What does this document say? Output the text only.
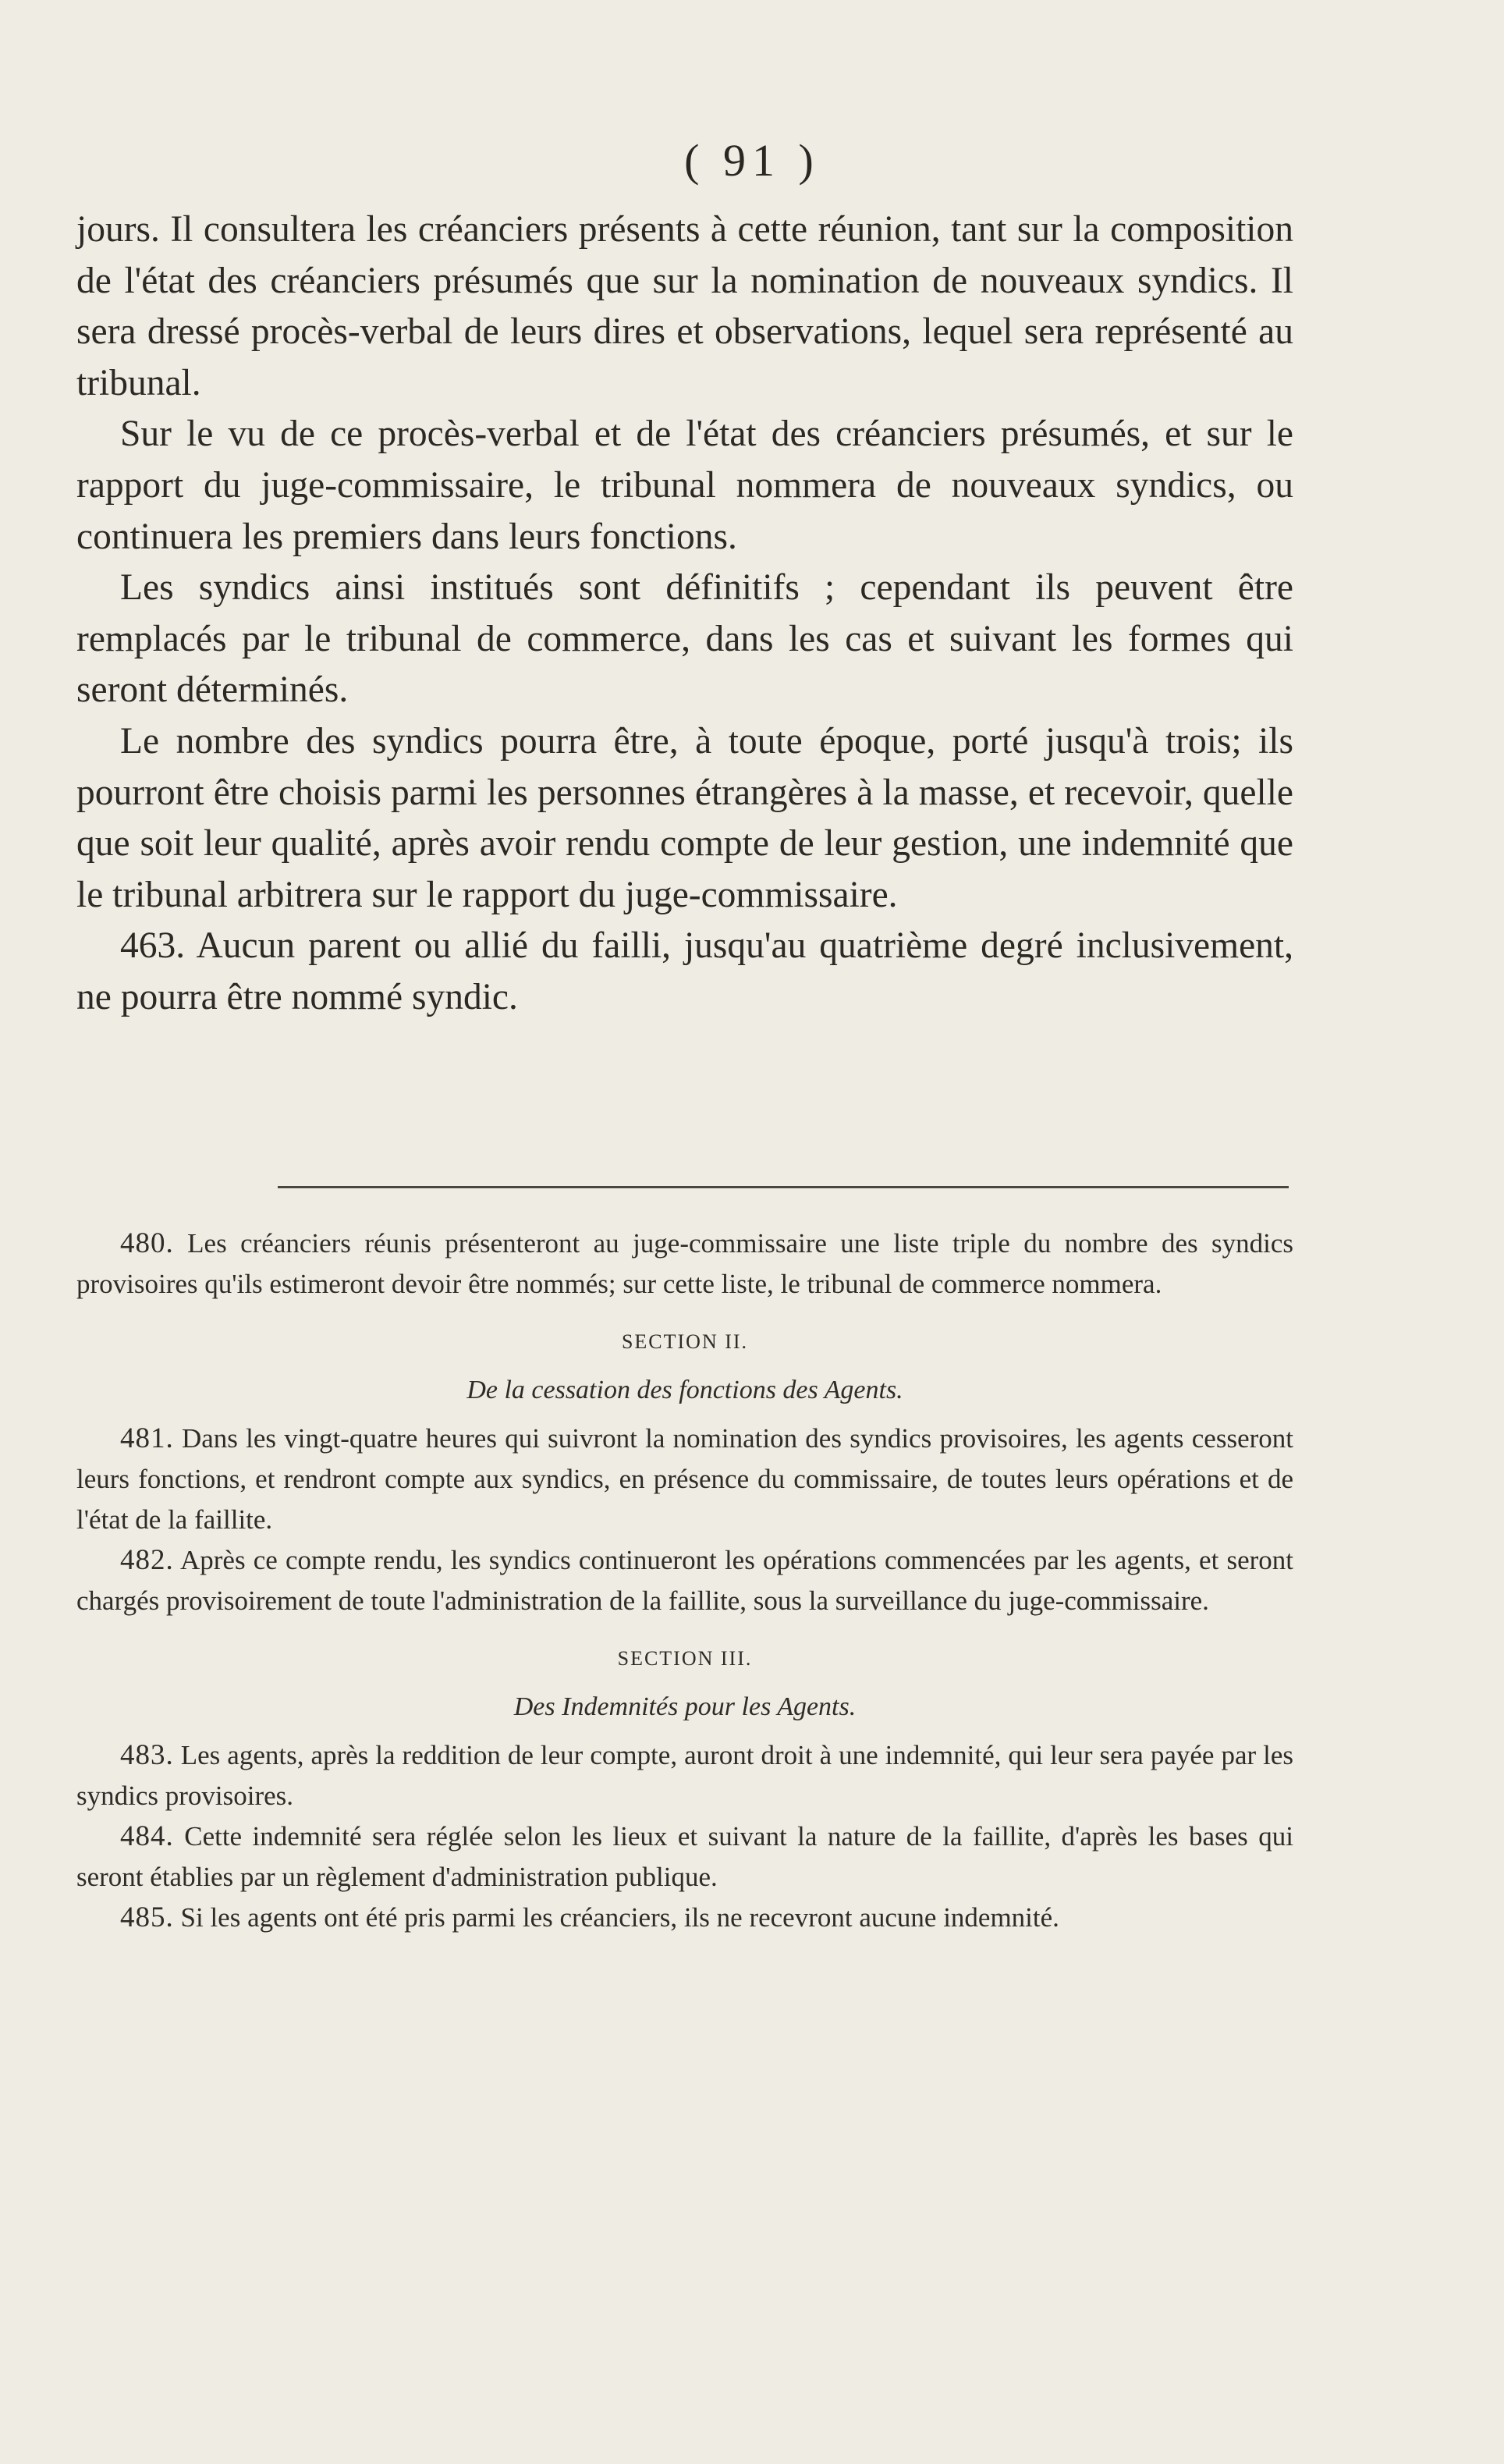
( 91 )

jours. Il consultera les créanciers présents à cette réunion, tant sur la composition de l'état des créanciers présumés que sur la nomination de nouveaux syndics. Il sera dressé procès-verbal de leurs dires et observations, lequel sera représenté au tribunal.

Sur le vu de ce procès-verbal et de l'état des créanciers présumés, et sur le rapport du juge-commissaire, le tribunal nommera de nouveaux syndics, ou continuera les premiers dans leurs fonctions.

Les syndics ainsi institués sont définitifs ; cependant ils peuvent être remplacés par le tribunal de commerce, dans les cas et suivant les formes qui seront déterminés.

Le nombre des syndics pourra être, à toute époque, porté jusqu'à trois; ils pourront être choisis parmi les personnes étrangères à la masse, et recevoir, quelle que soit leur qualité, après avoir rendu compte de leur gestion, une indemnité que le tribunal arbitrera sur le rapport du juge-commissaire.

463. Aucun parent ou allié du failli, jusqu'au quatrième degré inclusivement, ne pourra être nommé syndic.

480. Les créanciers réunis présenteront au juge-commissaire une liste triple du nombre des syndics provisoires qu'ils estimeront devoir être nommés; sur cette liste, le tribunal de commerce nommera.

SECTION II.
De la cessation des fonctions des Agents.

481. Dans les vingt-quatre heures qui suivront la nomination des syndics provisoires, les agents cesseront leurs fonctions, et rendront compte aux syndics, en présence du commissaire, de toutes leurs opérations et de l'état de la faillite.

482. Après ce compte rendu, les syndics continueront les opérations commencées par les agents, et seront chargés provisoirement de toute l'administration de la faillite, sous la surveillance du juge-commissaire.

SECTION III.
Des Indemnités pour les Agents.

483. Les agents, après la reddition de leur compte, auront droit à une indemnité, qui leur sera payée par les syndics provisoires.

484. Cette indemnité sera réglée selon les lieux et suivant la nature de la faillite, d'après les bases qui seront établies par un règlement d'administration publique.

485. Si les agents ont été pris parmi les créanciers, ils ne recevront aucune indemnité.
